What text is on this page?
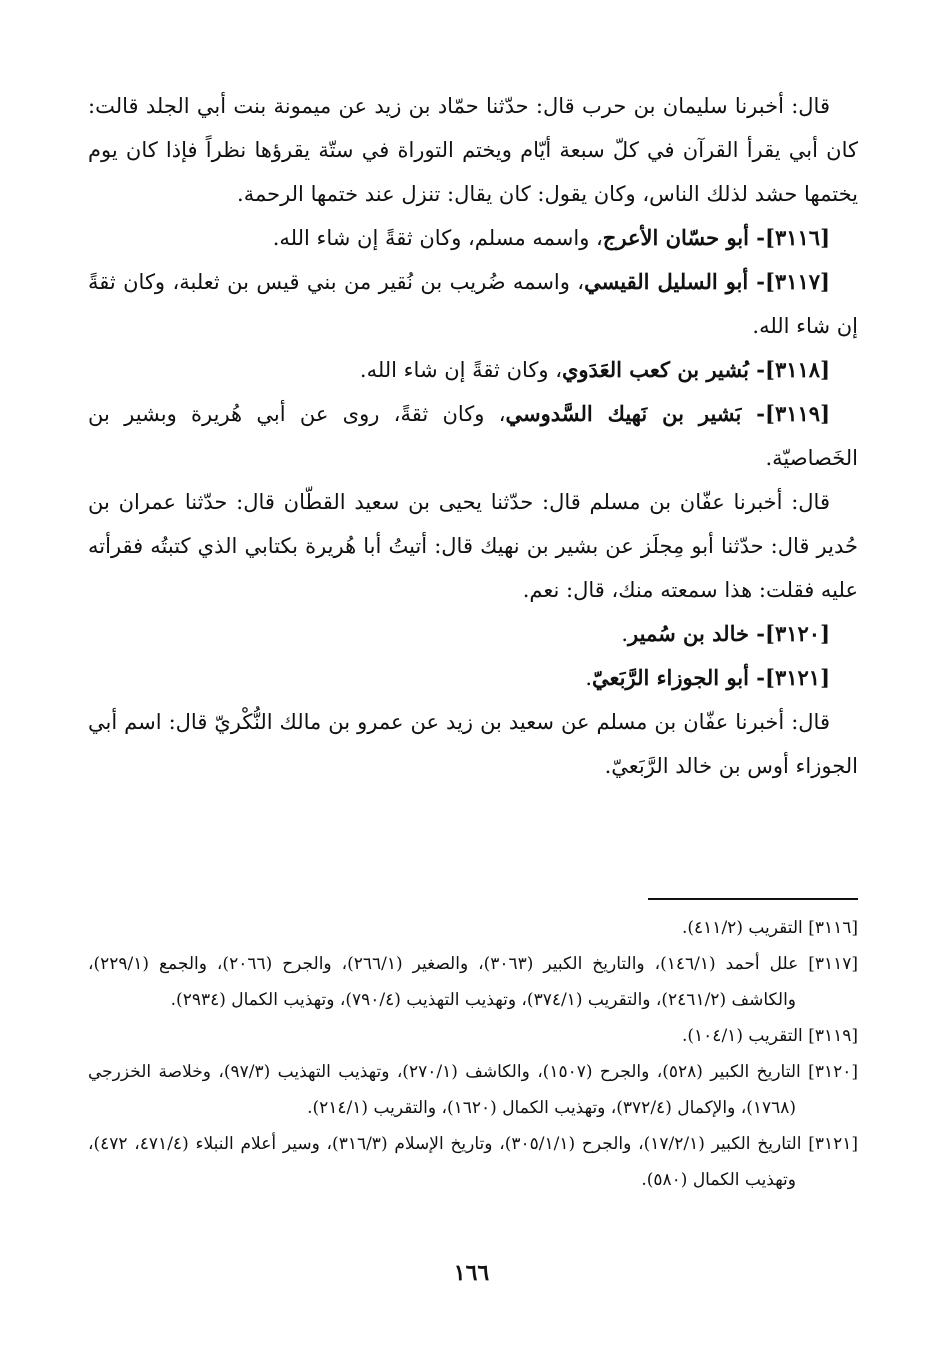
قال: أخبرنا سليمان بن حرب قال: حدّثنا حمّاد بن زيد عن ميمونة بنت أبي الجلد قالت: كان أبي يقرأ القرآن في كلّ سبعة أيّام ويختم التوراة في ستّة يقرؤها نظراً فإذا كان يوم يختمها حشد لذلك الناس، وكان يقول: كان يقال: تنزل عند ختمها الرحمة.

[٣١١٦]- أبو حسّان الأعرج، واسمه مسلم، وكان ثقةً إن شاء الله.

[٣١١٧]- أبو السليل القيسي، واسمه ضُريب بن نُقير من بني قيس بن ثعلبة، وكان ثقةً إن شاء الله.

[٣١١٨]- بُشير بن كعب العَدَوي، وكان ثقةً إن شاء الله.

[٣١١٩]- بَشير بن نَهيك السَّدوسي، وكان ثقةً، روى عن أبي هُريرة وبشير بن الخَصاصيّة.

قال: أخبرنا عفّان بن مسلم قال: حدّثنا يحيى بن سعيد القطّان قال: حدّثنا عمران بن حُدير قال: حدّثنا أبو مِجلَز عن بشير بن نهيك قال: أتيتُ أبا هُريرة بكتابي الذي كتبتُه فقرأته عليه فقلت: هذا سمعته منك، قال: نعم.

[٣١٢٠]- خالد بن سُمير.

[٣١٢١]- أبو الجوزاء الرَّبَعيّ.

قال: أخبرنا عفّان بن مسلم عن سعيد بن زيد عن عمرو بن مالك النُّكْريّ قال: اسم أبي الجوزاء أوس بن خالد الرَّبَعيّ.

[٣١١٦] التقريب (٤١١/٢).

[٣١١٧] علل أحمد (١٤٦/١)، والتاريخ الكبير (٣٠٦٣)، والصغير (٢٦٦/١)، والجرح (٢٠٦٦)، والجمع (٢٢٩/١)، والكاشف (٢٤٦١/٢)، والتقريب (٣٧٤/١)، وتهذيب التهذيب (٧٩٠/٤)، وتهذيب الكمال (٢٩٣٤).

[٣١١٩] التقريب (١٠٤/١).

[٣١٢٠] التاريخ الكبير (٥٢٨)، والجرح (١٥٠٧)، والكاشف (٢٧٠/١)، وتهذيب التهذيب (٩٧/٣)، وخلاصة الخزرجي (١٧٦٨)، والإكمال (٣٧٢/٤)، وتهذيب الكمال (١٦٢٠)، والتقريب (٢١٤/١).

[٣١٢١] التاريخ الكبير (١٧/٢/١)، والجرح (٣٠٥/١/١)، وتاريخ الإسلام (٣١٦/٣)، وسير أعلام النبلاء (٤٧١/٤، ٤٧٢)، وتهذيب الكمال (٥٨٠).

١٦٦
